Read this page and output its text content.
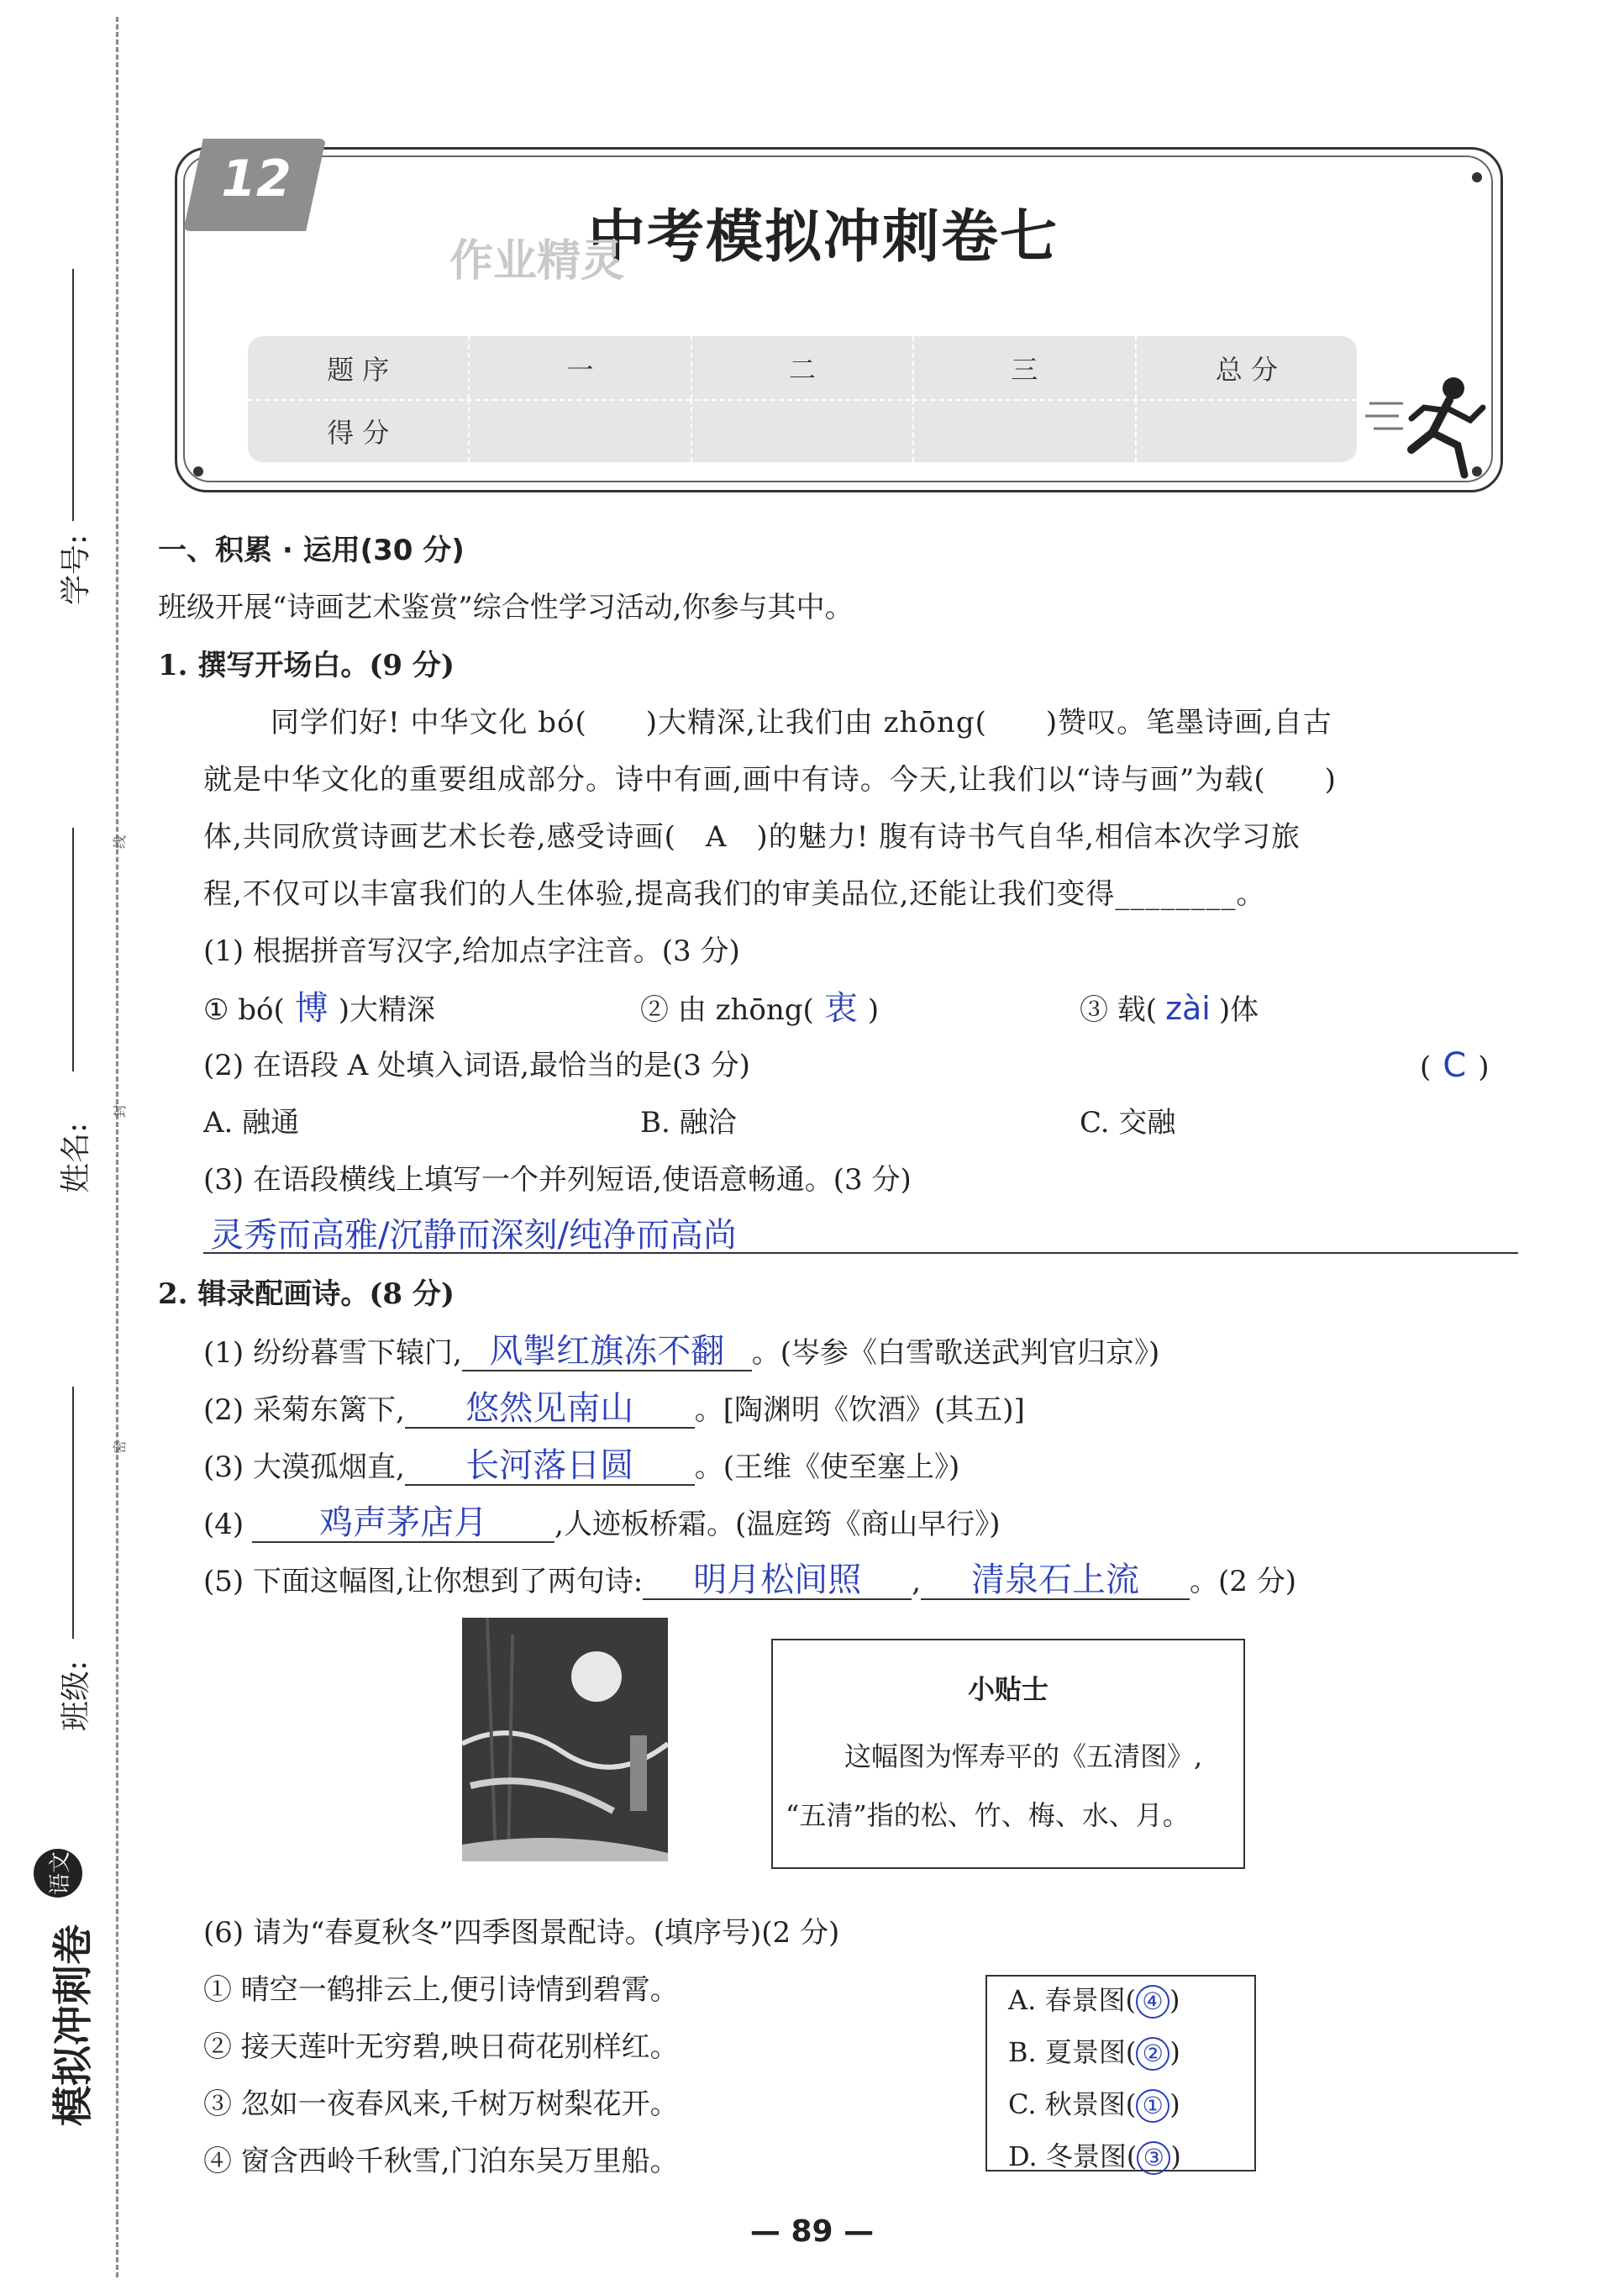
学号:
线
姓名:
封
密
班级:
语文
模拟冲刺卷
12
中考模拟冲刺卷七
作业精灵
题 序	一	二	三	总 分
得 分
一、积累 · 运用(30 分)
班级开展“诗画艺术鉴赏”综合性学习活动,你参与其中。
1. 撰写开场白。(9 分)
同学们好! 中华文化 bó(　　)大精深,让我们由 zhōng(　　)赞叹。笔墨诗画,自古
就是中华文化的重要组成部分。诗中有画,画中有诗。今天,让我们以“诗与画”为载(　　)
体,共同欣赏诗画艺术长卷,感受诗画(　A　)的魅力! 腹有诗书气自华,相信本次学习旅
程,不仅可以丰富我们的人生体验,提高我们的审美品位,还能让我们变得________。
(1) 根据拼音写汉字,给加点字注音。(3 分)
① bó( 博 )大精深	② 由 zhōng( 衷 )	③ 载( zài )体
(2) 在语段 A 处填入词语,最恰当的是(3 分)	( C )
A. 融通	B. 融洽	C. 交融
(3) 在语段横线上填写一个并列短语,使语意畅通。(3 分)
灵秀而高雅/沉静而深刻/纯净而高尚
2. 辑录配画诗。(8 分)
(1) 纷纷暮雪下辕门, 风掣红旗冻不翻 。(岑参《白雪歌送武判官归京》)
(2) 采菊东篱下, 悠然见南山 。[陶渊明《饮酒》(其五)]
(3) 大漠孤烟直, 长河落日圆 。(王维《使至塞上》)
(4) 鸡声茅店月 ,人迹板桥霜。(温庭筠《商山早行》)
(5) 下面这幅图,让你想到了两句诗: 明月松间照 , 清泉石上流 。(2 分)
小贴士
这幅图为恽寿平的《五清图》,
“五清”指的松、竹、梅、水、月。
(6) 请为“春夏秋冬”四季图景配诗。(填序号)(2 分)
① 晴空一鹤排云上,便引诗情到碧霄。
② 接天莲叶无穷碧,映日荷花别样红。
③ 忽如一夜春风来,千树万树梨花开。
④ 窗含西岭千秋雪,门泊东吴万里船。
A. 春景图( ④ )
B. 夏景图( ② )
C. 秋景图( ① )
D. 冬景图( ③ )
— 89 —
